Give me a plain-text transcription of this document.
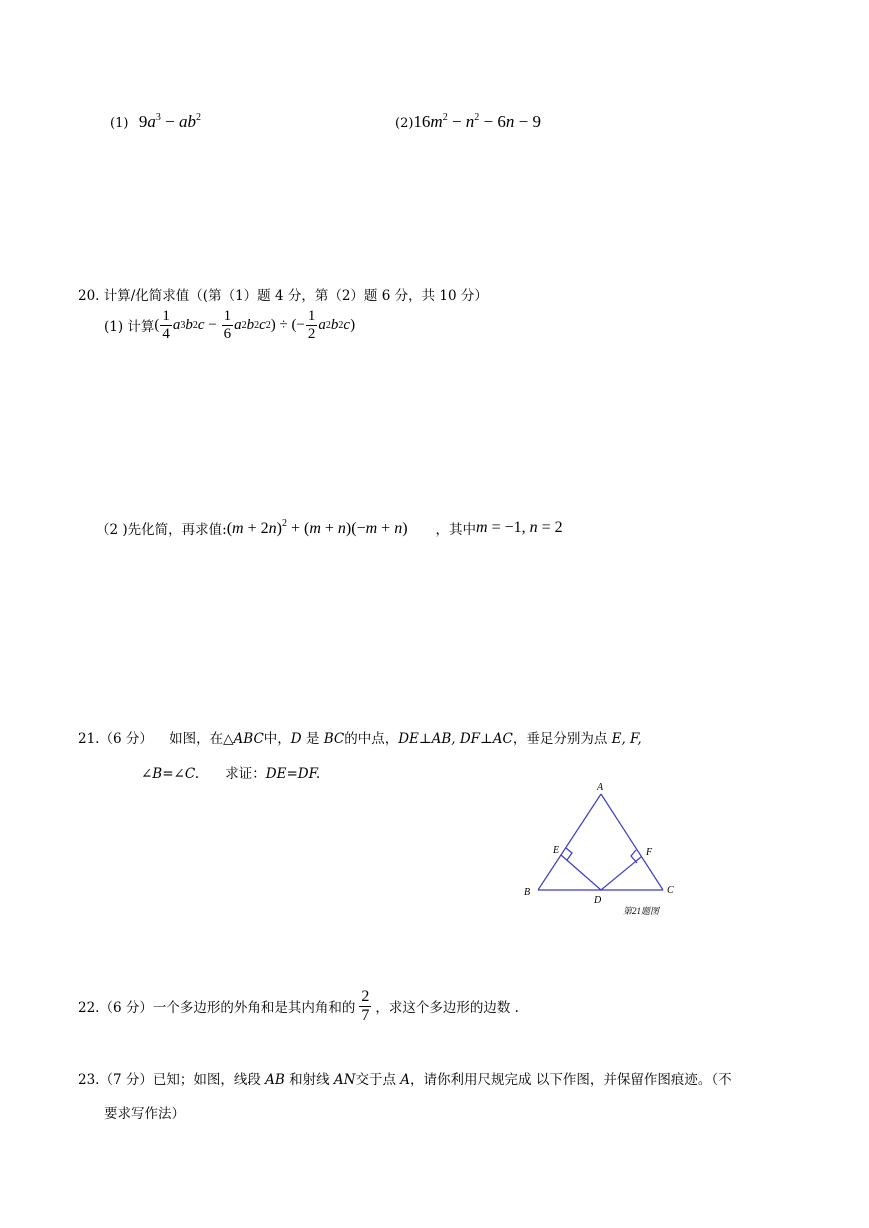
(1) $9a^3 - ab^2$	$(2)16m^2 - n^2 - 6n - 9$
20. 计算/化简求值（(第（1）题 4 分，第（2）题 6 分，共 10 分）
(1) 计算 ( $\frac{1}{4}$ a 3 b 2 $c - \frac{1}{6}$ a 2 b 2 c 2 ) ÷ (− $\frac{1}{2}$ a 2 b 2 c )
（2 )先化简，再求值: $(m + 2n)^2 + (m + n)(-m + n)$ ，其中 m = −1, n = 2
21.（6 分） 如图，在△ABC中，D 是 BC的中点，DE⊥AB, DF⊥AC，垂足分别为点 E, F,
∠B=∠C. 求证：DE=DF.
A
B	C
D
E	F
第21题图
22.（6 分）一个多边形的外角和是其内角和的 $\frac{2}{7}$ ，求这个多边形的边数 .
23.（7 分）已知；如图，线段 AB 和射线 AN交于点 A，请你利用尺规完成 以下作图，并保留作图痕迹。（不
要求写作法）
